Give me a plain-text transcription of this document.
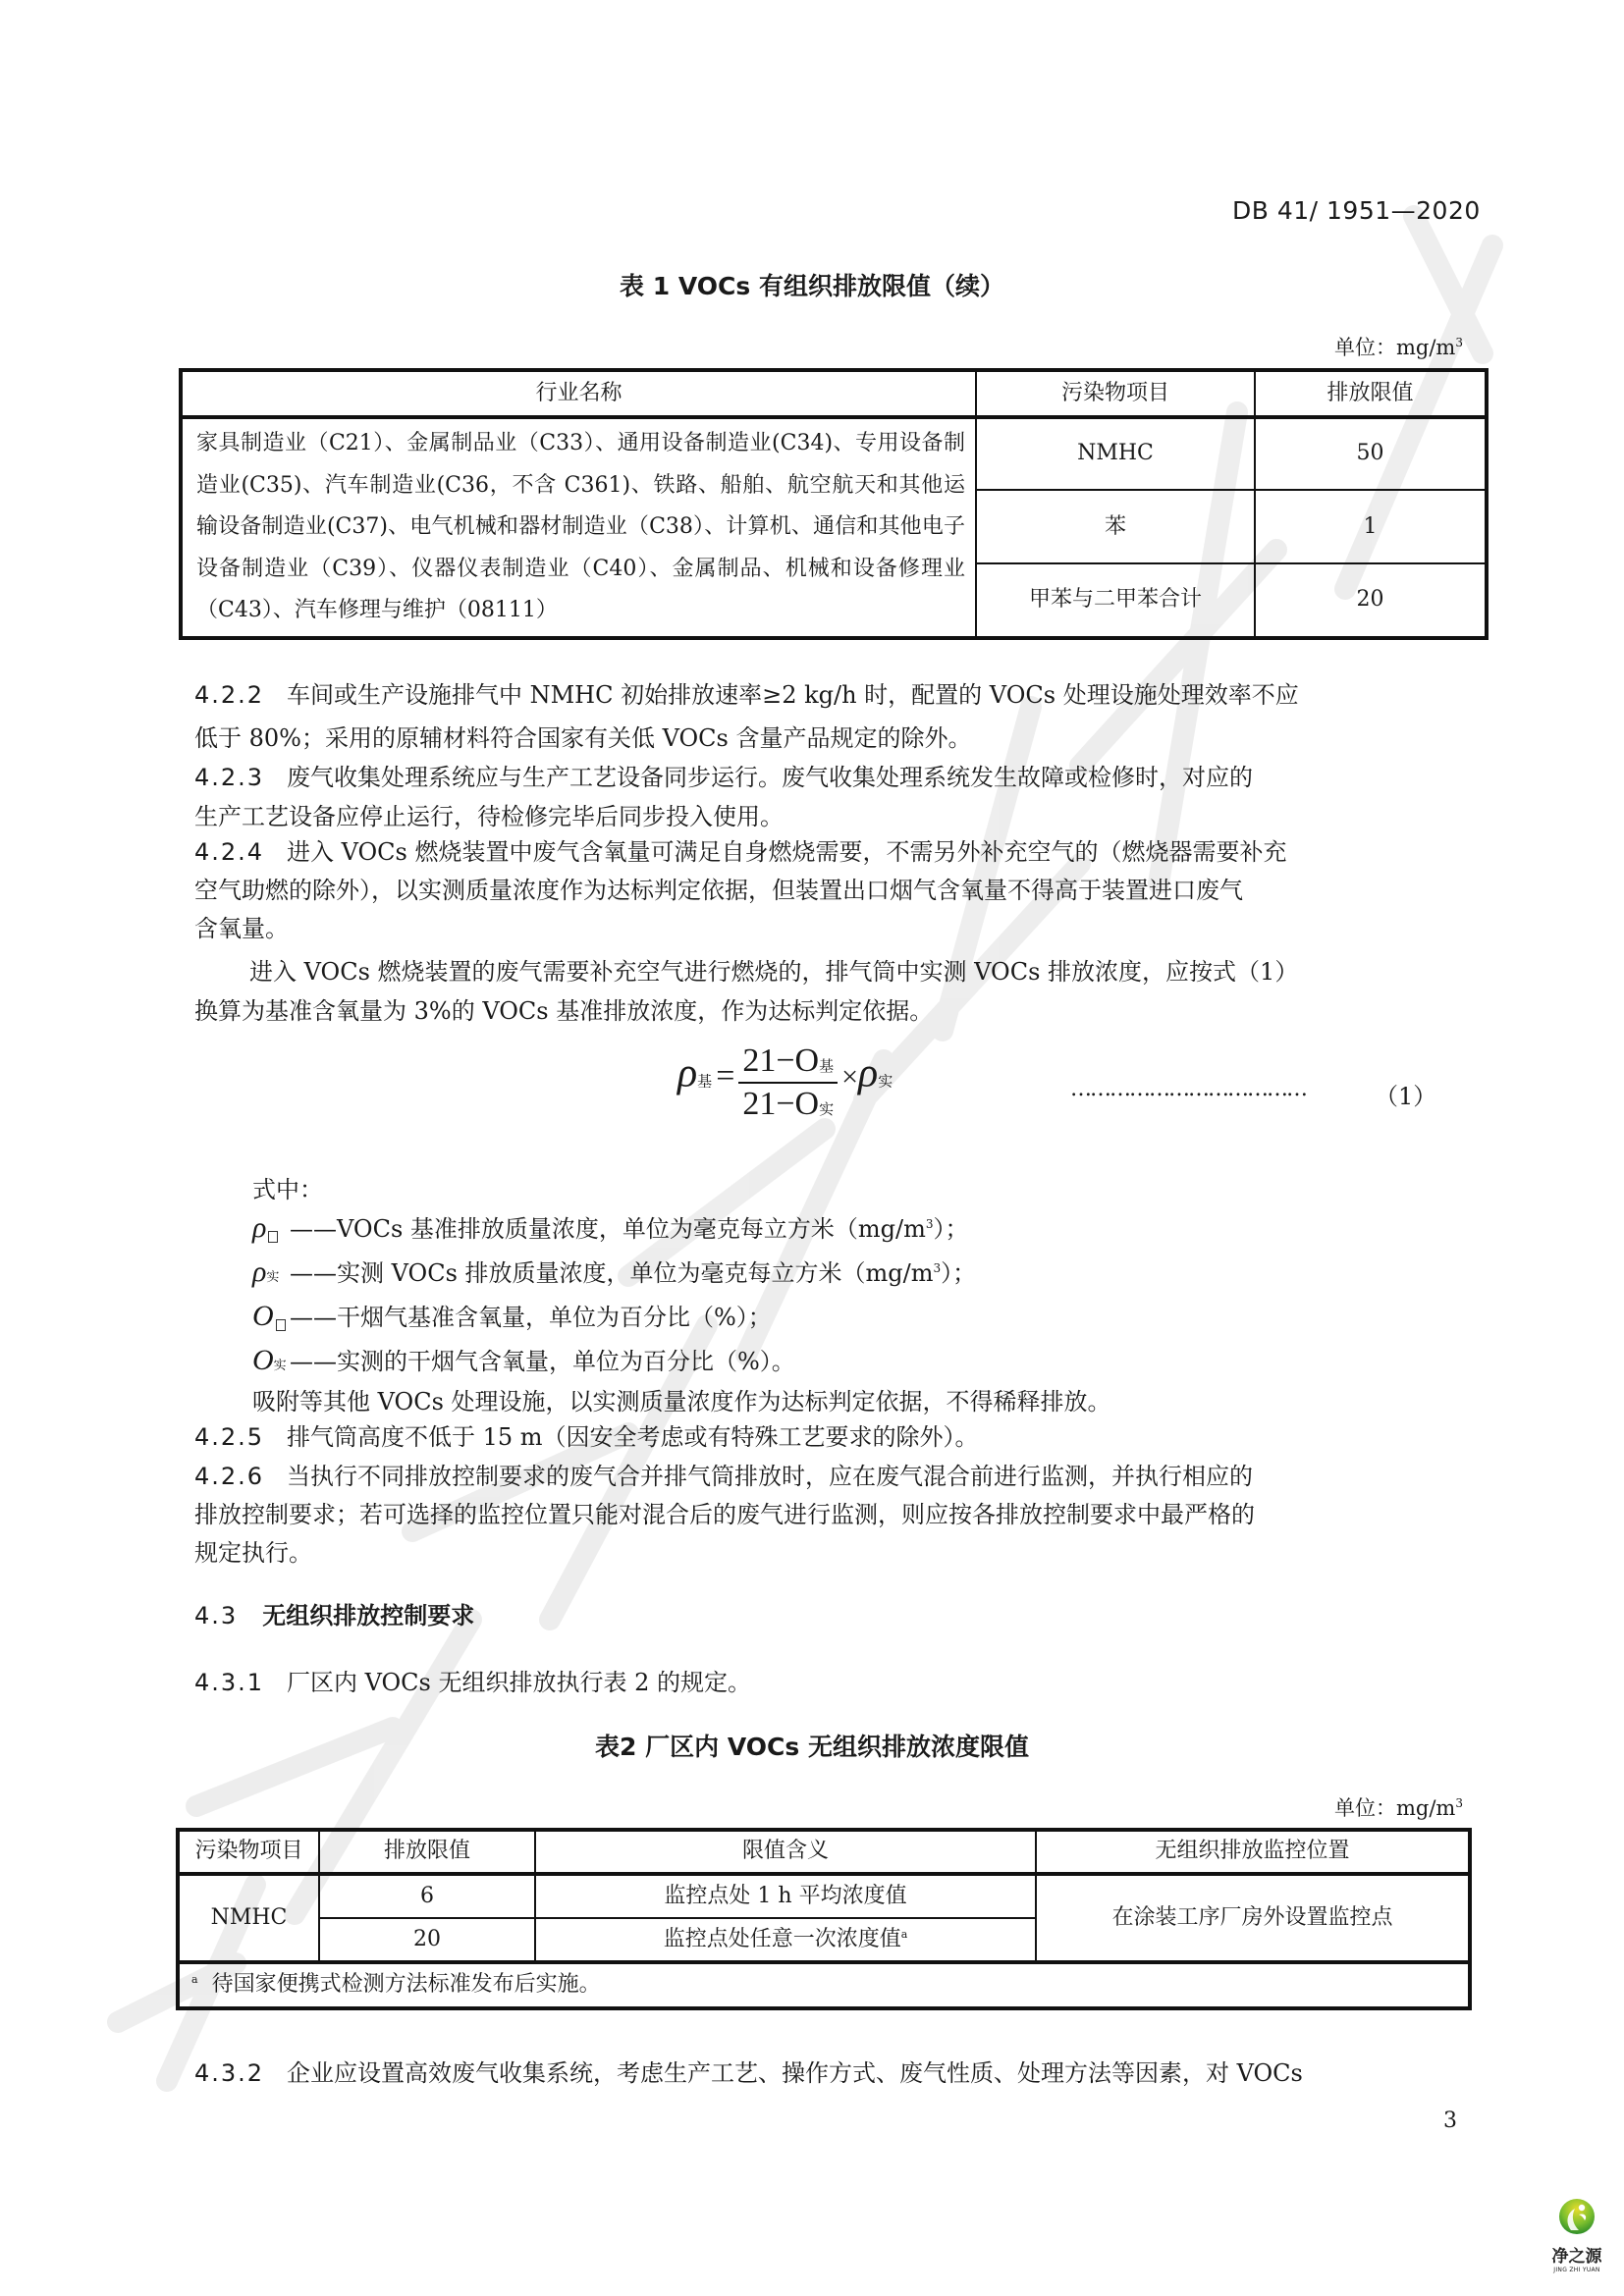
DB 41/ 1951—2020
表 1 VOCs 有组织排放限值（续）
单位：$mg/m^3$
行业名称	污染物项目	排放限值
家具制造业（C21）、金属制品业（C33）、通用设备制造业(C34)、专用设备制造业(C35)、汽车制造业(C36，不含 C361)、铁路、船舶、航空航天和其他运输设备制造业(C37)、电气机械和器材制造业（C38）、计算机、通信和其他电子设备制造业（C39）、仪器仪表制造业（C40）、金属制品、机械和设备修理业（C43）、汽车修理与维护（08111）	NMHC	50
	苯	1
	甲苯与二甲苯合计	20
4.2.2 车间或生产设施排气中 NMHC 初始排放速率≥2 kg/h 时，配置的 VOCs 处理设施处理效率不应
低于 80%；采用的原辅材料符合国家有关低 VOCs 含量产品规定的除外。
4.2.3 废气收集处理系统应与生产工艺设备同步运行。废气收集处理系统发生故障或检修时，对应的
生产工艺设备应停止运行，待检修完毕后同步投入使用。
4.2.4 进入 VOCs 燃烧装置中废气含氧量可满足自身燃烧需要，不需另外补充空气的（燃烧器需要补充
空气助燃的除外），以实测质量浓度作为达标判定依据，但装置出口烟气含氧量不得高于装置进口废气
含氧量。
进入 VOCs 燃烧装置的废气需要补充空气进行燃烧的，排气筒中实测 VOCs 排放浓度，应按式（1）
换算为基准含氧量为 3%的 VOCs 基准排放浓度，作为达标判定依据。
ρ基 = $\frac{\text{21−O基}}{\text{21−O实}} \times\rho$实	………………………………	（1）
式中：
ρ ——VOCs 基准排放质量浓度，单位为毫克每立方米$(mg/m^3)$；
ρ实 ——实测 VOCs 排放质量浓度，单位为毫克每立方米$(mg/m^3)$；
O ——干烟气基准含氧量，单位为百分比（%）；
O实 ——实测的干烟气含氧量，单位为百分比（%）。
吸附等其他 VOCs 处理设施，以实测质量浓度作为达标判定依据，不得稀释排放。
4.2.5 排气筒高度不低于 15 m（因安全考虑或有特殊工艺要求的除外）。
4.2.6 当执行不同排放控制要求的废气合并排气筒排放时，应在废气混合前进行监测，并执行相应的
排放控制要求；若可选择的监控位置只能对混合后的废气进行监测，则应按各排放控制要求中最严格的
规定执行。
4.3 无组织排放控制要求
4.3.1 厂区内 VOCs 无组织排放执行表 2 的规定。
表2 厂区内 VOCs 无组织排放浓度限值
单位：$mg/m^3$
污染物项目	排放限值	限值含义	无组织排放监控位置
NMHC	6	监控点处 1 h 平均浓度值	在涂装工序厂房外设置监控点
	20	监控点处任意一次浓度值$^a$
$^a$ 待国家便携式检测方法标准发布后实施。			
4.3.2 企业应设置高效废气收集系统，考虑生产工艺、操作方式、废气性质、处理方法等因素，对 VOCs
3
净之源
JING ZHI YUAN
